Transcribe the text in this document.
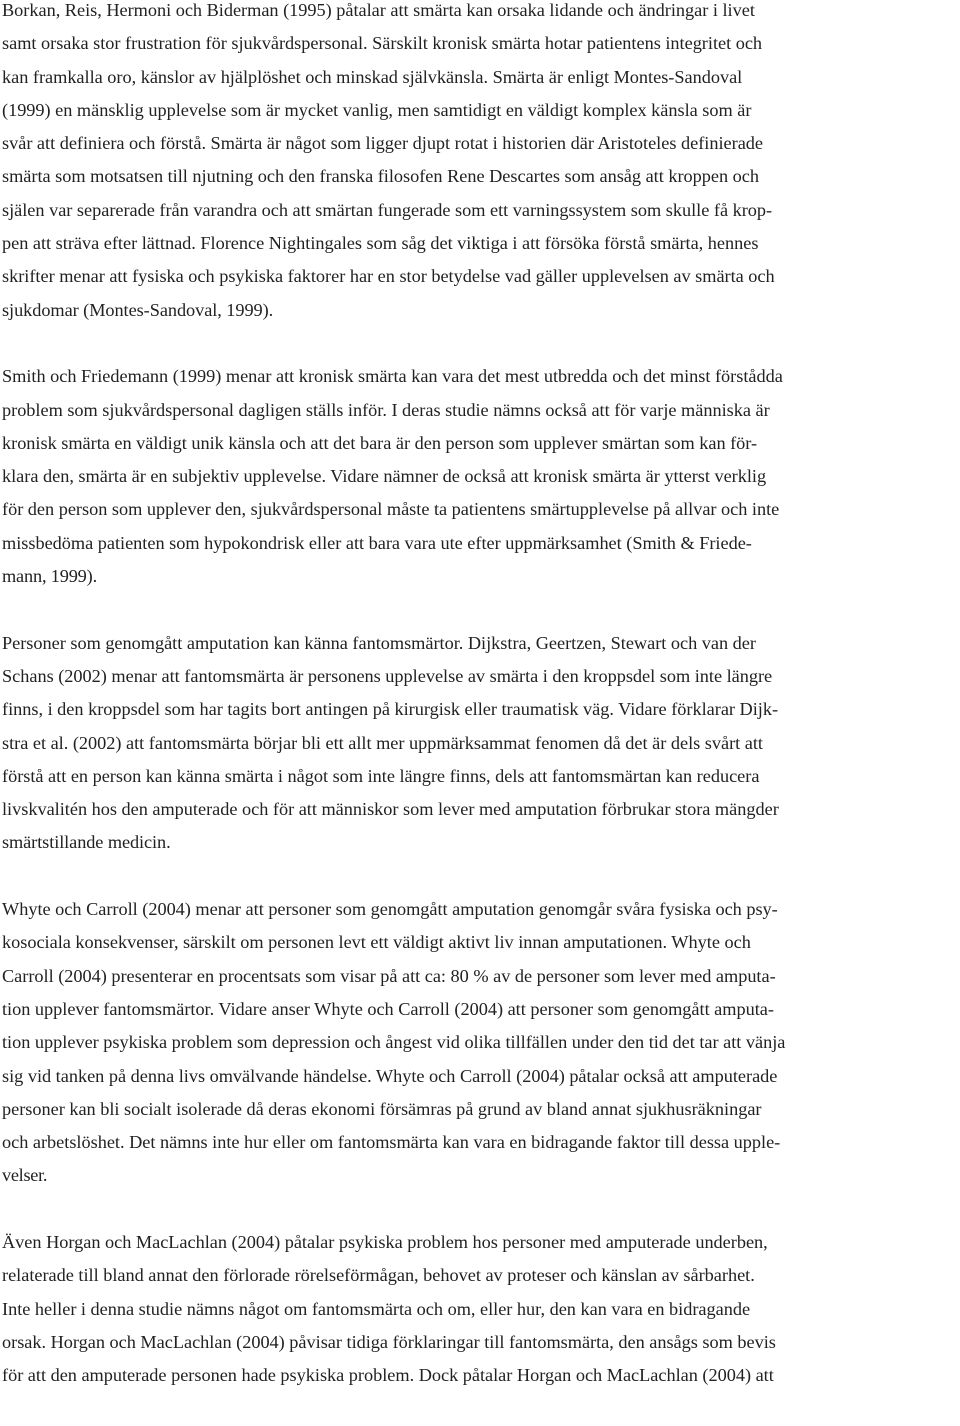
Borkan, Reis, Hermoni och Biderman (1995) påtalar att smärta kan orsaka lidande och ändringar i livet
samt orsaka stor frustration för sjukvårdspersonal. Särskilt kronisk smärta hotar patientens integritet och
kan framkalla oro, känslor av hjälplöshet och minskad självkänsla. Smärta är enligt Montes-Sandoval
(1999) en mänsklig upplevelse som är mycket vanlig, men samtidigt en väldigt komplex känsla som är
svår att definiera och förstå. Smärta är något som ligger djupt rotat i historien där Aristoteles definierade
smärta som motsatsen till njutning och den franska filosofen Rene Descartes som ansåg att kroppen och
själen var separerade från varandra och att smärtan fungerade som ett varningssystem som skulle få krop-
pen att sträva efter lättnad. Florence Nightingales som såg det viktiga i att försöka förstå smärta, hennes
skrifter menar att fysiska och psykiska faktorer har en stor betydelse vad gäller upplevelsen av smärta och
sjukdomar (Montes-Sandoval, 1999).
Smith och Friedemann (1999) menar att kronisk smärta kan vara det mest utbredda och det minst förstådda
problem som sjukvårdspersonal dagligen ställs inför. I deras studie nämns också att för varje människa är
kronisk smärta en väldigt unik känsla och att det bara är den person som upplever smärtan som kan för-
klara den, smärta är en subjektiv upplevelse. Vidare nämner de också att kronisk smärta är ytterst verklig
för den person som upplever den, sjukvårdspersonal måste ta patientens smärtupplevelse på allvar och inte
missbedöma patienten som hypokondrisk eller att bara vara ute efter uppmärksamhet (Smith & Friede-
mann, 1999).
Personer som genomgått amputation kan känna fantomsmärtor. Dijkstra, Geertzen, Stewart och van der
Schans (2002) menar att fantomsmärta är personens upplevelse av smärta i den kroppsdel som inte längre
finns, i den kroppsdel som har tagits bort antingen på kirurgisk eller traumatisk väg. Vidare förklarar Dijk-
stra et al. (2002) att fantomsmärta börjar bli ett allt mer uppmärksammat fenomen då det är dels svårt att
förstå att en person kan känna smärta i något som inte längre finns, dels att fantomsmärtan kan reducera
livskvalitén hos den amputerade och för att människor som lever med amputation förbrukar stora mängder
smärtstillande medicin.
Whyte och Carroll (2004) menar att personer som genomgått amputation genomgår svåra fysiska och psy-
kosociala konsekvenser, särskilt om personen levt ett väldigt aktivt liv innan amputationen. Whyte och
Carroll (2004) presenterar en procentsats som visar på att ca: 80 % av de personer som lever med amputa-
tion upplever fantomsmärtor. Vidare anser Whyte och Carroll (2004) att personer som genomgått amputa-
tion upplever psykiska problem som depression och ångest vid olika tillfällen under den tid det tar att vänja
sig vid tanken på denna livs omvälvande händelse. Whyte och Carroll (2004) påtalar också att amputerade
personer kan bli socialt isolerade då deras ekonomi försämras på grund av bland annat sjukhusräkningar
och arbetslöshet. Det nämns inte hur eller om fantomsmärta kan vara en bidragande faktor till dessa upple-
velser.
Även Horgan och MacLachlan (2004) påtalar psykiska problem hos personer med amputerade underben,
relaterade till bland annat den förlorade rörelseförmågan, behovet av proteser och känslan av sårbarhet.
Inte heller i denna studie nämns något om fantomsmärta och om, eller hur, den kan vara en bidragande
orsak. Horgan och MacLachlan (2004) påvisar tidiga förklaringar till fantomsmärta, den ansågs som bevis
för att den amputerade personen hade psykiska problem. Dock påtalar Horgan och MacLachlan (2004) att
